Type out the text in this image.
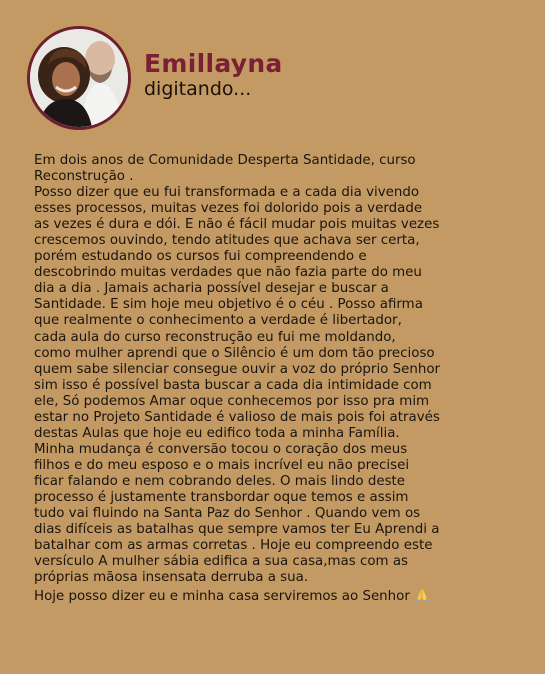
Emillayna
digitando...

Em dois anos de Comunidade Desperta Santidade, curso
Reconstrução .

Posso dizer que eu fui transformada e a cada dia vivendo
esses processos, muitas vezes foi dolorido pois a verdade
as vezes é dura e dói. E não é fácil mudar pois muitas vezes
crescemos ouvindo, tendo atitudes que achava ser certa,
porém estudando os cursos fui compreendendo e
descobrindo muitas verdades que não fazia parte do meu
dia a dia . Jamais acharia possível desejar e buscar a
Santidade. E sim hoje meu objetivo é o céu . Posso afirma
que realmente o conhecimento a verdade é libertador,
cada aula do curso reconstrução eu fui me moldando,
como mulher aprendi que o Silêncio é um dom tão precioso
quem sabe silenciar consegue ouvir a voz do próprio Senhor
sim isso é possível basta buscar a cada dia intimidade com
ele, Só podemos Amar oque conhecemos por isso pra mim
estar no Projeto Santidade é valioso de mais pois foi através
destas Aulas que hoje eu edifico toda a minha Família.

Minha mudança é conversão tocou o coração dos meus
filhos e do meu esposo e o mais incrível eu não precisei
ficar falando e nem cobrando deles. O mais lindo deste
processo é justamente transbordar oque temos e assim
tudo vai fluindo na Santa Paz do Senhor . Quando vem os
dias difíceis as batalhas que sempre vamos ter Eu Aprendi a
batalhar com as armas corretas . Hoje eu compreendo este
versículo A mulher sábia edifica a sua casa,mas com as
próprias mãosa insensata derruba a sua.

Hoje posso dizer eu e minha casa serviremos ao Senhor
